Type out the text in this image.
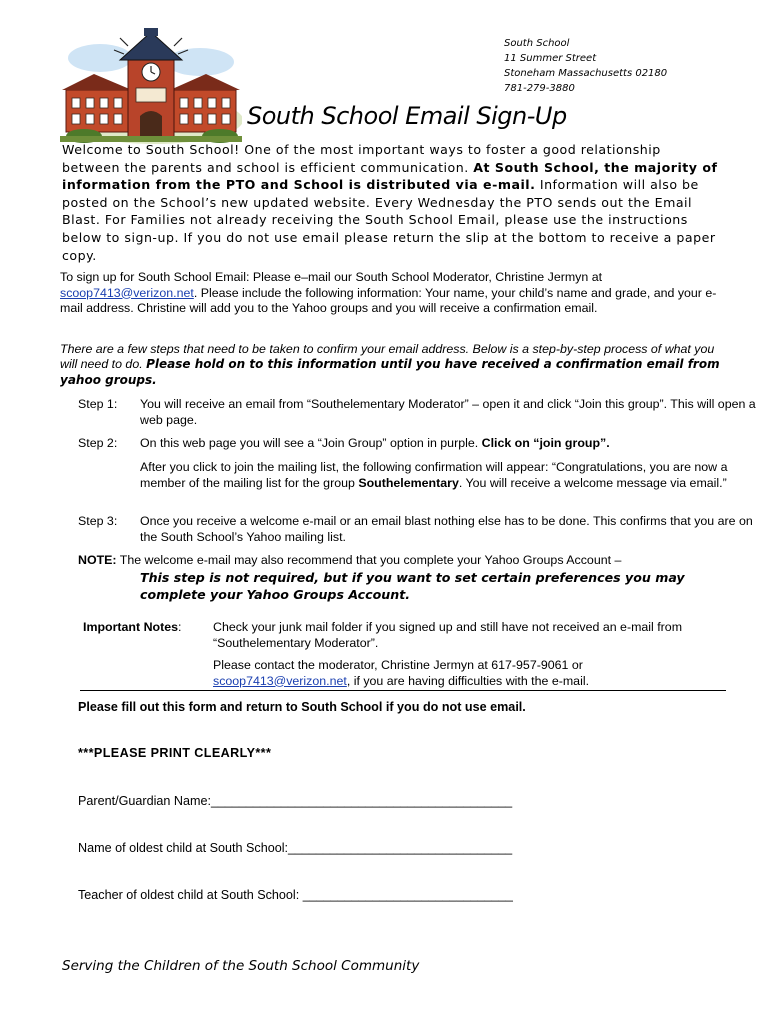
South School
11 Summer Street
Stoneham Massachusetts 02180
781-279-3880
South School Email Sign-Up
Welcome to South School! One of the most important ways to foster a good relationship between the parents and school is efficient communication. At South School, the majority of information from the PTO and School is distributed via e-mail. Information will also be posted on the School’s new updated website. Every Wednesday the PTO sends out the Email Blast. For Families not already receiving the South School Email, please use the instructions below to sign-up. If you do not use email please return the slip at the bottom to receive a paper copy.
To sign up for South School Email: Please e–mail our South School Moderator, Christine Jermyn at scoop7413@verizon.net. Please include the following information: Your name, your child’s name and grade, and your e-mail address. Christine will add you to the Yahoo groups and you will receive a confirmation email.
There are a few steps that need to be taken to confirm your email address. Below is a step-by-step process of what you will need to do. Please hold on to this information until you have received a confirmation email from yahoo groups.
Step 1: You will receive an email from “Southelementary Moderator” – open it and click “Join this group”. This will open a web page.
Step 2: On this web page you will see a “Join Group” option in purple. Click on “join group”.
After you click to join the mailing list, the following confirmation will appear: “Congratulations, you are now a member of the mailing list for the group Southelementary. You will receive a welcome message via email.”
Step 3: Once you receive a welcome e-mail or an email blast nothing else has to be done. This confirms that you are on the South School’s Yahoo mailing list.
NOTE: The welcome e-mail may also recommend that you complete your Yahoo Groups Account –
This step is not required, but if you want to set certain preferences you may complete your Yahoo Groups Account.
Important Notes:	Check your junk mail folder if you signed up and still have not received an e-mail from “Southelementary Moderator”.
Please contact the moderator, Christine Jermyn at 617-957-9061 or scoop7413@verizon.net, if you are having difficulties with the e-mail.
Please fill out this form and return to South School if you do not use email.
***PLEASE PRINT CLEARLY***
Parent/Guardian Name:___________________________________________
Name of oldest child at South School:________________________________
Teacher of oldest child at South School: ______________________________
Serving the Children of the South School Community
